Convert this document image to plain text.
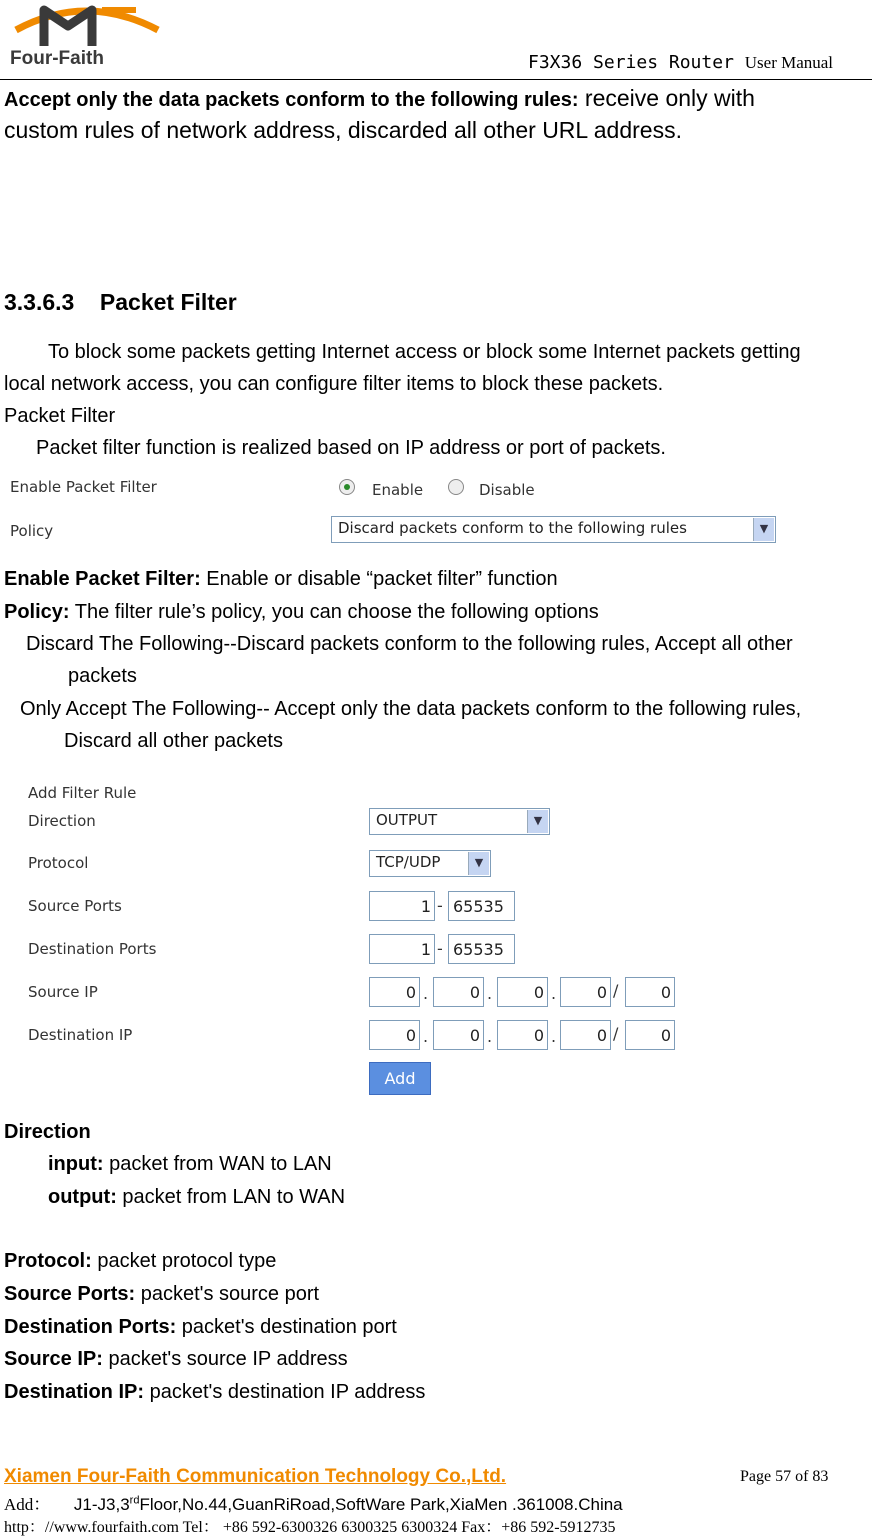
Four-Faith	F3X36 Series Router User Manual
Accept only the data packets conform to the following rules: receive only with
custom rules of network address, discarded all other URL address.
3.3.6.3 Packet Filter
To block some packets getting Internet access or block some Internet packets getting
local network access, you can configure filter items to block these packets.
Packet Filter
Packet filter function is realized based on IP address or port of packets.
Enable Packet Filter	Enable	Disable
Policy	Discard packets conform to the following rules	▼
Enable Packet Filter: Enable or disable “packet filter” function
Policy: The filter rule’s policy, you can choose the following options
Discard The Following--Discard packets conform to the following rules, Accept all other
packets
Only Accept The Following-- Accept only the data packets conform to the following rules,
Discard all other packets
Add Filter Rule
Direction	OUTPUT	▼
Protocol	TCP/UDP	▼
Source Ports	1 - 65535
Destination Ports	1 - 65535
Source IP	0 .	0 .	0 .	0 /	0
Destination IP	0 .	0 .	0 .	0 /	0
Add
Direction
input: packet from WAN to LAN
output: packet from LAN to WAN
Protocol: packet protocol type
Source Ports: packet's source port
Destination Ports: packet's destination port
Source IP: packet's source IP address
Destination IP: packet's destination IP address
Xiamen Four-Faith Communication Technology Co.,Ltd.	Page 57 of 83
Add： J1-J3,3rdFloor,No.44,GuanRiRoad,SoftWare Park,XiaMen .361008.China
http：//www.fourfaith.com Tel： +86 592-6300326 6300325 6300324 Fax：+86 592-5912735
